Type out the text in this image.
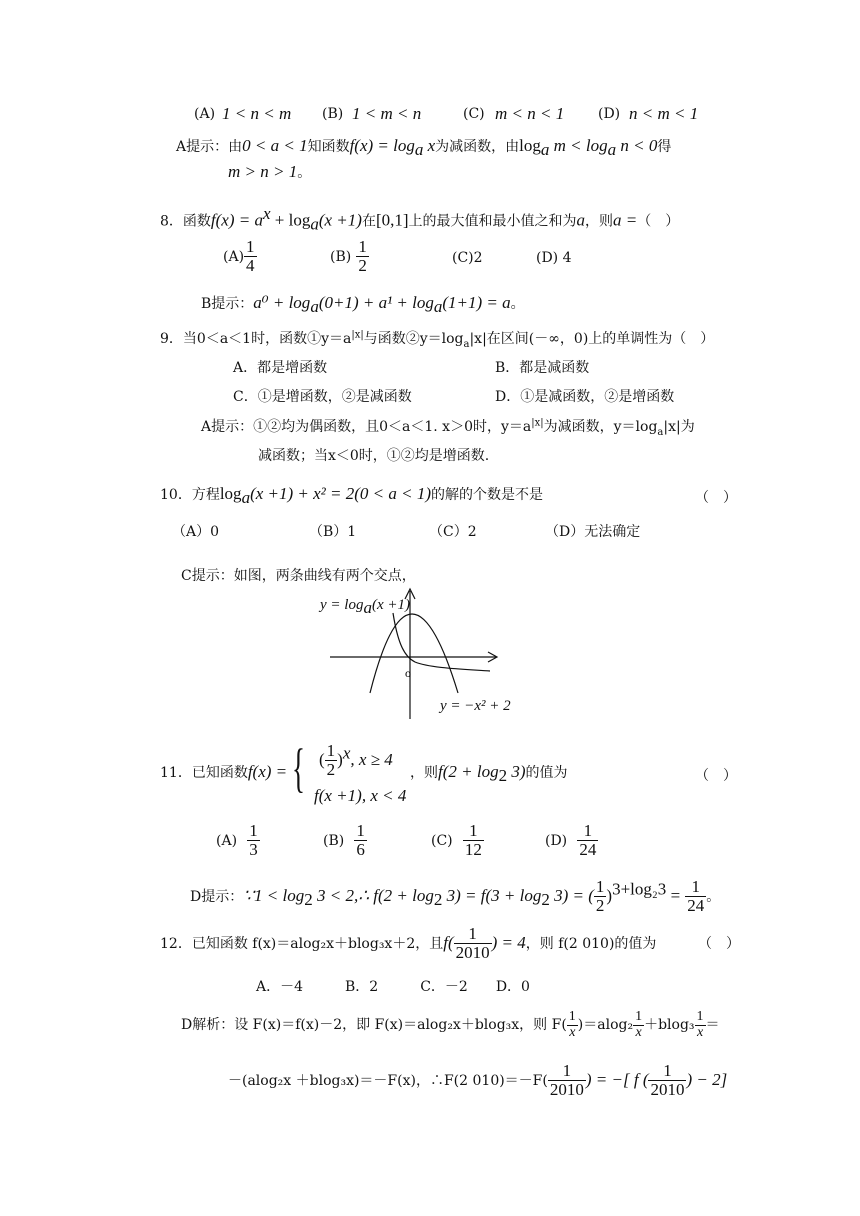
(A) 1 < n < m (B) 1 < m < n	(C) m < n < 1 (D) n < m < 1
A提示：由0 < a < 1知函数$f(x) = \log_a x$为减函数，由$\log_a m < \log_a n < 0$得
m > n > 1。
8．函数$f(x) = a^x + \log_a(x +1)$在[0,1]上的最大值和最小值之和为a，则a =（　）
$(A) \frac{1}{4}$	$(B) \frac{1}{2}$	(C)2	(D) 4
B提示：$a^0 + \log_a(0+1) + a^1 + \log_a(1+1) = a$。
9．当0＜a＜1时，函数$①y=a^{|x|}$与函数$②y=\log_a|x|$在区间(－∞，0)上的单调性为（　）
A．都是增函数	B．都是减函数
C．①是增函数，②是减函数	D．①是减函数，②是增函数
A提示：①②均为偶函数，且0＜a＜1. x＞0时，$y=a^{|x|}$为减函数，$y=\log_a|x|$为
减函数；当x＜0时，①②均是增函数.
10．方程$\log_a(x +1) + x^2 = 2(0 < a < 1)$的解的个数是不是	（　）
（A）0	（B）1	（C）2	（D）无法确定
C提示：如图，两条曲线有两个交点，
o
$y = \log_a(x +1)$
y = −x² + 2
11．已知函数f(x) = { ( $\frac{1}{2} )^x$, x ≥ 4
f(x +1), x < 4
，则$f(2 + \log_2 3)$的值为	（　）
$(A) \frac{1}{3}$	$(B) \frac{1}{6}$	$(C) \frac{1}{12}$	$(D) \frac{1}{24}$
D提示：∵1 < $\log_2 3$ < 2,∴ $f(2 + \log_2 3) = f(3 + \log_2 3)$ = ( $\frac{1}{2} )^{3+log_23} = \frac{1}{24}$ 。
12．已知函数 f(x)＝alog₂x＋blog₃x＋2，且$f( \frac{1}{2010}$ ) = 4，则 f(2 010)的值为	（　）
A．－4　　　B．2　　　C．－2　　D．0
D解析：设 F(x)＝f(x)－2，即 F(x)＝alog₂x＋blog₃x，则 $F( \frac{1}{x} )=alog_2 \frac{1}{x} +blog_3 \frac{1}{x}$ ＝
－(alog₂x ＋blog₃x)＝－F(x)，∴F(2 $010)=-F( \frac{1}{2010}$ ) = −[ f ( $\frac{1}{2010}$ ) − 2]
